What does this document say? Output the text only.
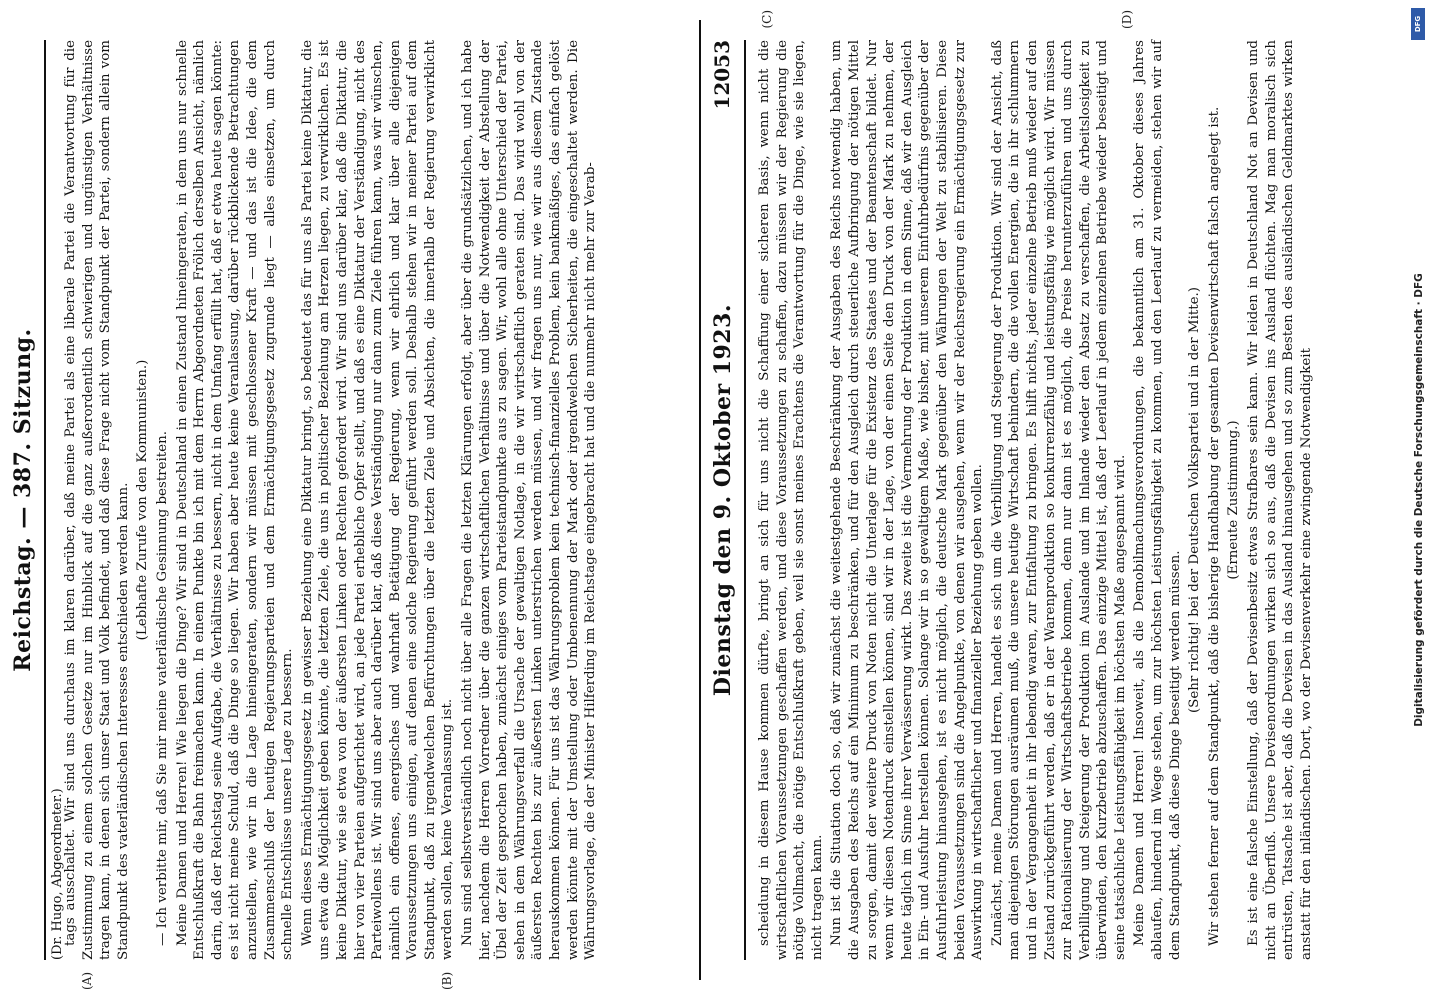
Reichstag. — 387. Sitzung.
(Dr. Hugo, Abgeordneter.)
(A)	(B)

tags ausschaltet. Wir sind uns durchaus im klaren darüber, daß meine Partei als eine liberale Partei die Verantwortung für die Zustimmung zu einem solchen Gesetze nur im Hinblick auf die ganz außerordentlich schwierigen und ungünstigen Verhältnisse tragen kann, in denen sich unser Staat und Volk befindet, und daß diese Frage nicht vom Standpunkt der Partei, sondern allein vom Standpunkt des vaterländischen Interesses entschieden werden kann. (Lebhafte Zurufe von den Kommunisten.) — Ich verbitte mir, daß Sie mir meine vaterländische Gesinnung bestreiten. Meine Damen und Herren! Wie liegen die Dinge? Wir sind in Deutschland in einen Zustand hineingeraten, in dem uns nur schnelle Entschlußkraft die Bahn freimachen kann. In einem Punkte bin ich mit dem Herrn Abgeordneten Frölich derselben Ansicht, nämlich darin, daß der Reichstag seine Aufgabe, die Verhältnisse zu bessern, nicht in dem Umfang erfüllt hat, daß er etwa heute sagen könnte: es ist nicht meine Schuld, daß die Dinge so liegen. Wir haben aber heute keine Veranlassung, darüber rückblickende Betrachtungen anzustellen, wie wir in die Lage hineingeraten, sondern wir müssen mit geschlossener Kraft — und das ist die Idee, die dem Zusammenschluß der heutigen Regierungsparteien und dem Ermächtigungsgesetz zugrunde liegt — alles einsetzen, um durch schnelle Entschlüsse unsere Lage zu bessern. Wenn dieses Ermächtigungsgesetz in gewisser Beziehung eine Diktatur bringt, so bedeutet das für uns als Partei keine Diktatur, die uns etwa die Möglichkeit geben könnte, die letzten Ziele, die uns in politischer Beziehung am Herzen liegen, zu verwirklichen. Es ist keine Diktatur, wie sie etwa von der äußersten Linken oder Rechten gefordert wird. Wir sind uns darüber klar, daß die Diktatur, die hier von vier Parteien aufgerichtet wird, an jede Partei erhebliche Opfer stellt, und daß es eine Diktatur der Verständigung, nicht des Parteiwollens ist. Wir sind uns aber auch darüber klar, daß diese Verständigung nur dann zum Ziele führen kann, was wir wünschen, nämlich ein offenes, energisches und wahrhaft Betätigung der Regierung, wenn wir ehrlich und klar über alle diejenigen Voraussetzungen uns einigen, auf denen eine solche Regierung geführt werden soll. Deshalb stehen wir in meiner Partei auf dem Standpunkt, daß zu irgendwelchen Befürchtungen über die letzten Ziele und Absichten, die innerhalb der Regierung verwirklicht werden sollen, keine Veranlassung ist. Nun sind selbstverständlich noch nicht über alle Fragen die letzten Klärungen erfolgt, aber über die grundsätzlichen, und ich habe hier, nachdem die Herren Vorredner über die ganzen wirtschaftlichen Verhältnisse und über die Notwendigkeit der Abstellung der Übel der Zeit gesprochen haben, zunächst einiges vom Parteistandpunkte aus zu sagen. Wir, wohl alle ohne Unterschied der Partei, sehen in dem Währungsverfall die Ursache der gewaltigen Notlage, in die wir wirtschaftlich geraten sind. Das wird wohl von der äußersten Rechten bis zur äußersten Linken unterstrichen werden müssen, und wir fragen uns nur, wie wir aus diesem Zustande herauskommen können. Für uns ist das Währungsproblem kein technisch-finanzielles Problem, kein bankmäßiges, das einfach gelöst werden könnte mit der Umstellung oder Umbenennung der Mark oder irgendwelchen Sicherheiten, die eingeschaltet werden. Die Währungsvorlage, die der Minister Hilferding im Reichstage eingebracht hat und die nunmehr nicht mehr zur Verab-	Dienstag den 9. Oktober 1923.
12053
(C)	(D)

scheidung in diesem Hause kommen dürfte, bringt an sich für uns nicht die Schaffung einer sicheren Basis, wenn nicht die wirtschaftlichen Voraussetzungen geschaffen werden, und diese Voraussetzungen zu schaffen, dazu müssen wir der Regierung die nötige Vollmacht, die nötige Entschlußkraft geben, weil sie sonst meines Erachtens die Verantwortung für die Dinge, wie sie liegen, nicht tragen kann. Nun ist die Situation doch so, daß wir zunächst die weitestgehende Beschränkung der Ausgaben des Reichs notwendig haben, um die Ausgaben des Reichs auf ein Minimum zu beschränken, und für den Ausgleich durch steuerliche Aufbringung der nötigen Mittel zu sorgen, damit der weitere Druck von Noten nicht die Unterlage für die Existenz des Staates und der Beamtenschaft bildet. Nur wenn wir diesen Notendruck einstellen können, sind wir in der Lage, von der einen Seite den Druck von der Mark zu nehmen, der heute täglich im Sinne ihrer Verwässerung wirkt. Das zweite ist die Vermehrung der Produktion in dem Sinne, daß wir den Ausgleich in Ein- und Ausfuhr herstellen können. Solange wir in so gewaltigem Maße, wie bisher, mit unserem Einfuhrbedürfnis gegenüber der Ausfuhrleistung hinausgehen, ist es nicht möglich, die deutsche Mark gegenüber den Währungen der Welt zu stabilisieren. Diese beiden Voraussetzungen sind die Angelpunkte, von denen wir ausgehen, wenn wir der Reichsregierung ein Ermächtigungsgesetz zur Auswirkung in wirtschaftlicher und finanzieller Beziehung geben wollen. Zunächst, meine Damen und Herren, handelt es sich um die Verbilligung und Steigerung der Produktion. Wir sind der Ansicht, daß man diejenigen Störungen ausräumen muß, die unsere heutige Wirtschaft behindern, die die vollen Energien, die in ihr schlummern und in der Vergangenheit in ihr lebendig waren, zur Entfaltung zu bringen. Es hilft nichts, jeder einzelne Betrieb muß wieder auf den Zustand zurückgeführt werden, daß er in der Warenproduktion so konkurrenzfähig und leistungsfähig wie möglich wird. Wir müssen zur Rationalisierung der Wirtschaftsbetriebe kommen, denn nur dann ist es möglich, die Preise herunterzuführen und uns durch Verbilligung und Steigerung der Produktion im Auslande und im Inlande wieder den Absatz zu verschaffen, die Arbeitslosigkeit zu überwinden, den Kurzbetrieb abzuschaffen. Das einzige Mittel ist, daß der Leerlauf in jedem einzelnen Betriebe wieder beseitigt und seine tatsächliche Leistungsfähigkeit im höchsten Maße angespannt wird. Meine Damen und Herren! Insoweit, als die Demobilmachungsverordnungen, die bekanntlich am 31. Oktober dieses Jahres ablaufen, hindernd im Wege stehen, um zur höchsten Leistungsfähigkeit zu kommen, und den Leerlauf zu vermeiden, stehen wir auf dem Standpunkt, daß diese Dinge beseitigt werden müssen.

(Sehr richtig! bei der Deutschen Volkspartei und in der Mitte.) Wir stehen ferner auf dem Standpunkt, daß die bisherige Handhabung der gesamten Devisenwirtschaft falsch angelegt ist. (Erneute Zustimmung.) Es ist eine falsche Einstellung, daß der Devisenbesitz etwas Strafbares sein kann. Wir leiden in Deutschland Not an Devisen und nicht an Überfluß. Unsere Devisenordnungen wirken sich so aus, daß die Devisen ins Ausland flüchten. Mag man moralisch sich entrüsten, Tatsache ist aber, daß die Devisen in das Ausland hinausgehen und so zum Besten des ausländischen Geldmarktes wirken anstatt für den inländischen. Dort, wo der Devisenverkehr eine zwingende Notwendigkeit

DFG
Digitalisierung gefördert durch die Deutsche Forschungsgemeinschaft · DFG
